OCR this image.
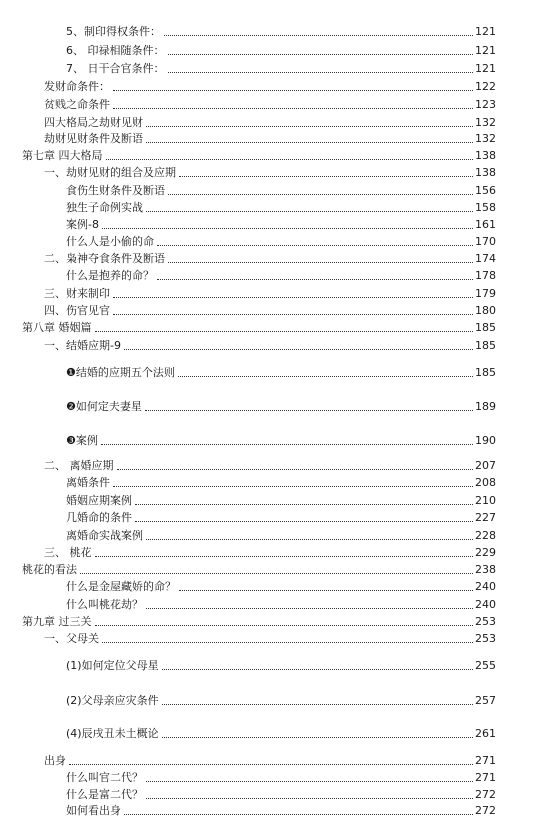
5、制印得权条件：	121
6、 印禄相随条件：	121
7、 日干合官条件：	121
发财命条件：	122
贫贱之命条件	123
四大格局之劫财见财	132
劫财见财条件及断语	132
第七章 四大格局	138
一、劫财见财的组合及应期	138
食伤生财条件及断语	156
独生子命例实战	158
案例-8	161
什么人是小偷的命	170
二、枭神夺食条件及断语	174
什么是抱养的命？	178
三、财来制印	179
四、伤官见官	180
第八章 婚姻篇	185
一、结婚应期-9	185
❶结婚的应期五个法则	185
❷如何定夫妻星	189
❸案例	190
二、 离婚应期	207
离婚条件	208
婚姻应期案例	210
几婚命的条件	227
离婚命实战案例	228
三、 桃花	229
桃花的看法	238
什么是金屋藏娇的命？	240
什么叫桃花劫？	240
第九章 过三关	253
一、父母关	253
(1)如何定位父母星	255
(2)父母亲应灾条件	257
(4)辰戌丑未土概论	261
出身	271
什么叫官二代？	271
什么是富二代？	272
如何看出身	272
